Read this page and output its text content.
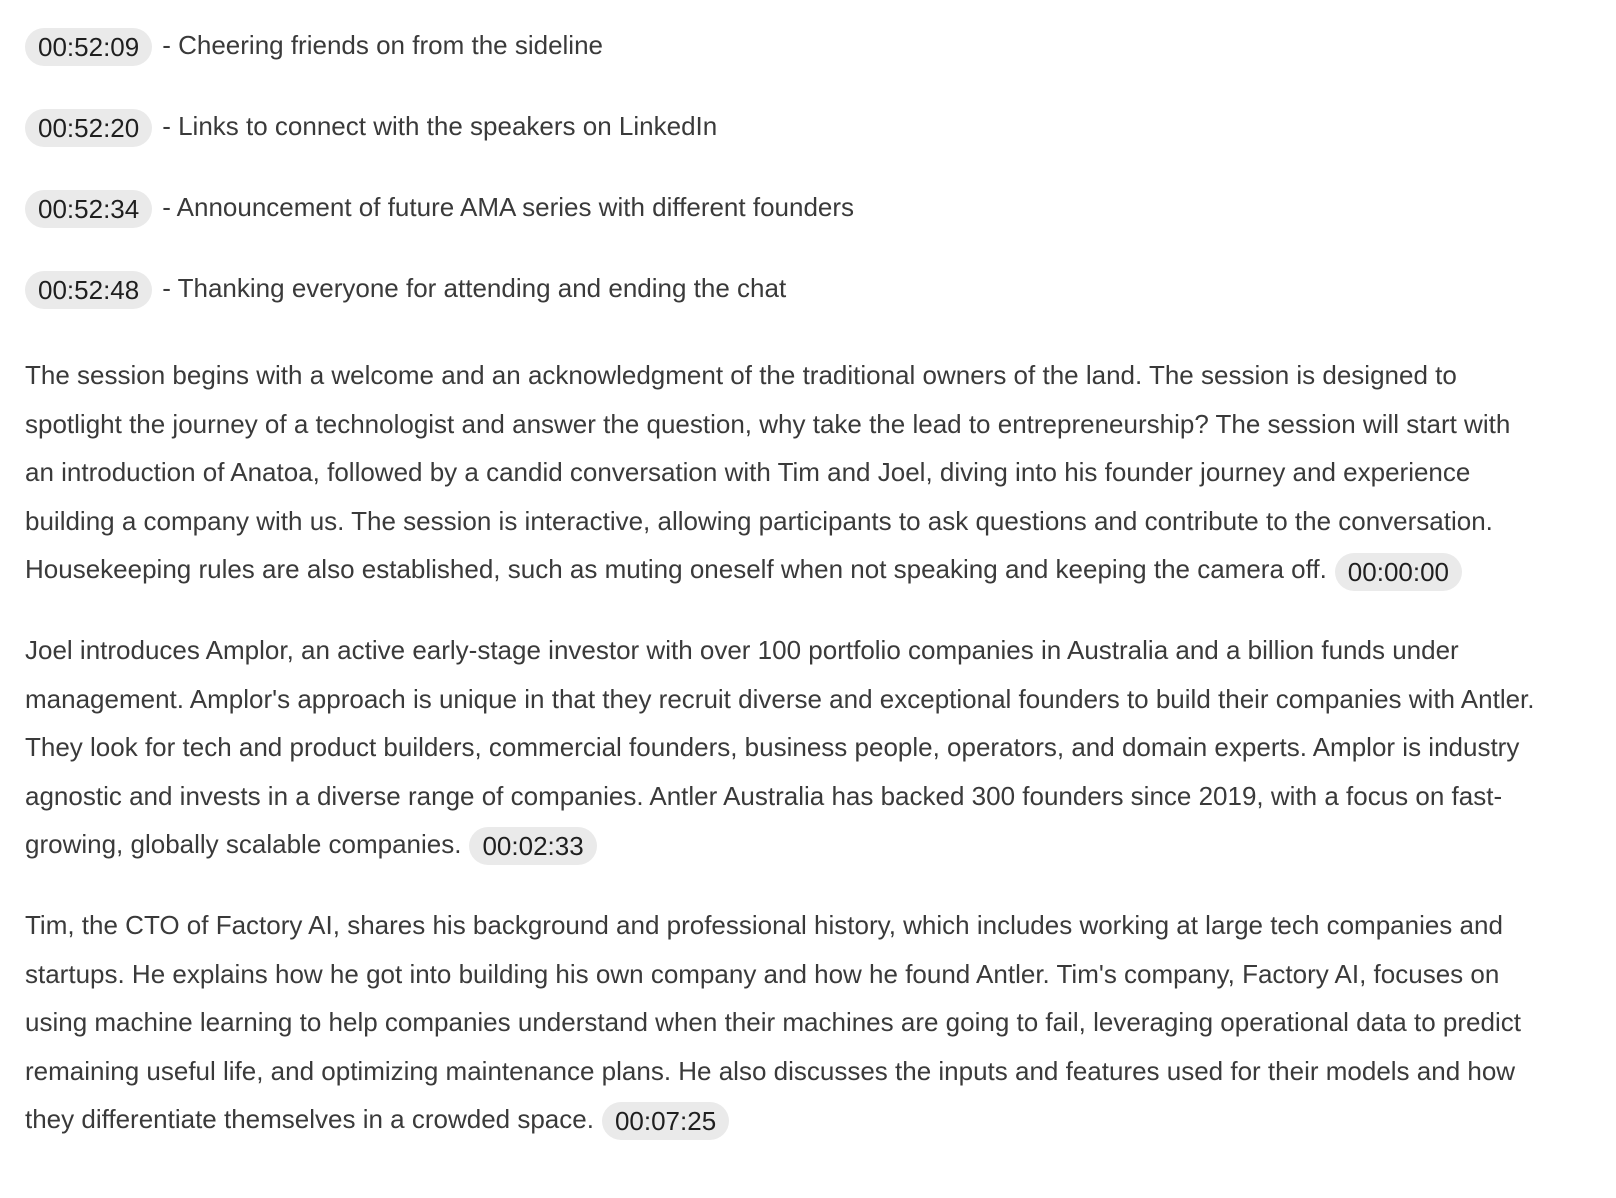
00:52:09 - Cheering friends on from the sideline
00:52:20 - Links to connect with the speakers on LinkedIn
00:52:34 - Announcement of future AMA series with different founders
00:52:48 - Thanking everyone for attending and ending the chat

The session begins with a welcome and an acknowledgment of the traditional owners of the land. The session is designed to spotlight the journey of a technologist and answer the question, why take the lead to entrepreneurship? The session will start with an introduction of Anatoa, followed by a candid conversation with Tim and Joel, diving into his founder journey and experience building a company with us. The session is interactive, allowing participants to ask questions and contribute to the conversation. Housekeeping rules are also established, such as muting oneself when not speaking and keeping the camera off. 00:00:00

Joel introduces Amplor, an active early-stage investor with over 100 portfolio companies in Australia and a billion funds under management. Amplor's approach is unique in that they recruit diverse and exceptional founders to build their companies with Antler. They look for tech and product builders, commercial founders, business people, operators, and domain experts. Amplor is industry agnostic and invests in a diverse range of companies. Antler Australia has backed 300 founders since 2019, with a focus on fast-growing, globally scalable companies. 00:02:33

Tim, the CTO of Factory AI, shares his background and professional history, which includes working at large tech companies and startups. He explains how he got into building his own company and how he found Antler. Tim's company, Factory AI, focuses on using machine learning to help companies understand when their machines are going to fail, leveraging operational data to predict remaining useful life, and optimizing maintenance plans. He also discusses the inputs and features used for their models and how they differentiate themselves in a crowded space. 00:07:25
